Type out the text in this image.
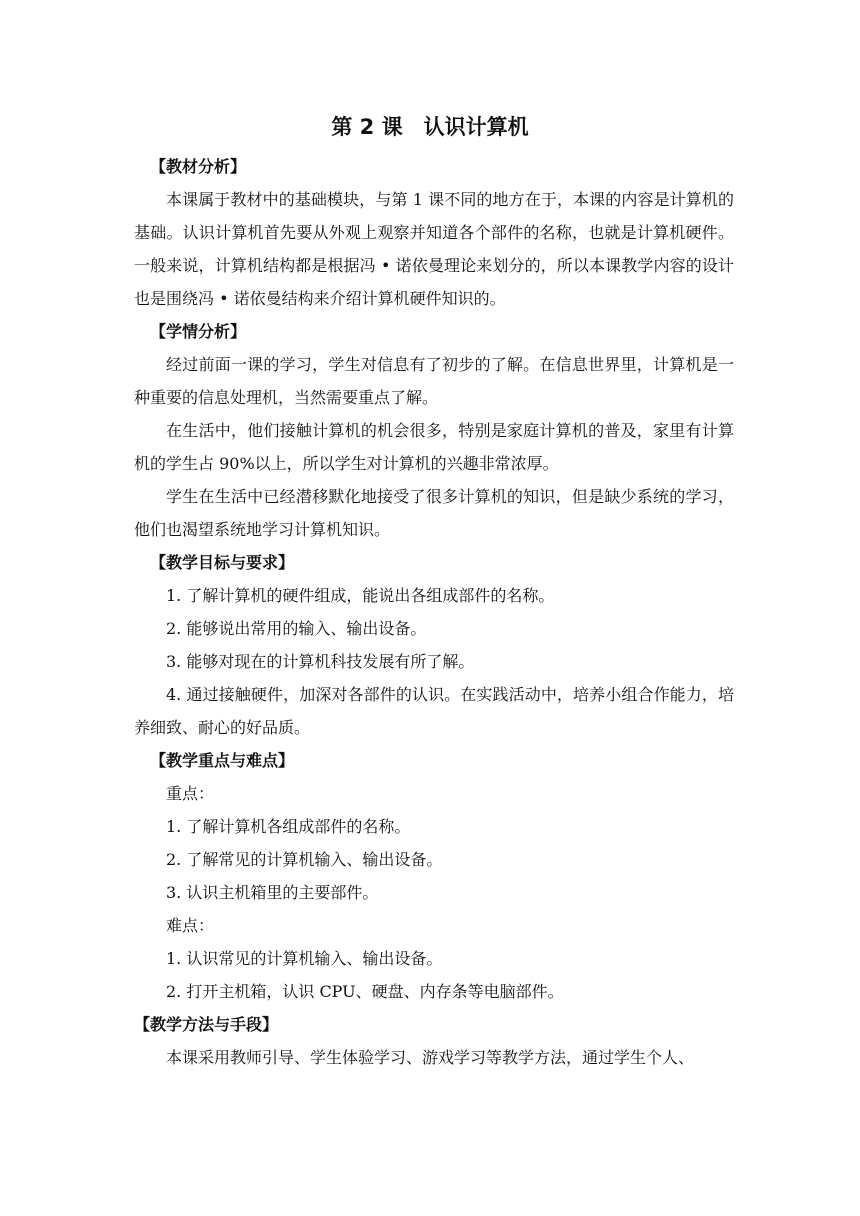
第 2 课　认识计算机

【教材分析】

本课属于教材中的基础模块，与第 1 课不同的地方在于，本课的内容是计算机的基础。认识计算机首先要从外观上观察并知道各个部件的名称，也就是计算机硬件。一般来说，计算机结构都是根据冯 • 诺依曼理论来划分的，所以本课教学内容的设计也是围绕冯 • 诺依曼结构来介绍计算机硬件知识的。

【学情分析】

经过前面一课的学习，学生对信息有了初步的了解。在信息世界里，计算机是一种重要的信息处理机，当然需要重点了解。

在生活中，他们接触计算机的机会很多，特别是家庭计算机的普及，家里有计算机的学生占 90%以上，所以学生对计算机的兴趣非常浓厚。

学生在生活中已经潜移默化地接受了很多计算机的知识，但是缺少系统的学习，他们也渴望系统地学习计算机知识。

【教学目标与要求】

1. 了解计算机的硬件组成，能说出各组成部件的名称。

2. 能够说出常用的输入、输出设备。

3. 能够对现在的计算机科技发展有所了解。

4. 通过接触硬件，加深对各部件的认识。在实践活动中，培养小组合作能力，培养细致、耐心的好品质。

【教学重点与难点】

重点：

1. 了解计算机各组成部件的名称。

2. 了解常见的计算机输入、输出设备。

3. 认识主机箱里的主要部件。

难点：

1. 认识常见的计算机输入、输出设备。

2. 打开主机箱，认识 CPU、硬盘、内存条等电脑部件。

【教学方法与手段】

本课采用教师引导、学生体验学习、游戏学习等教学方法，通过学生个人、
